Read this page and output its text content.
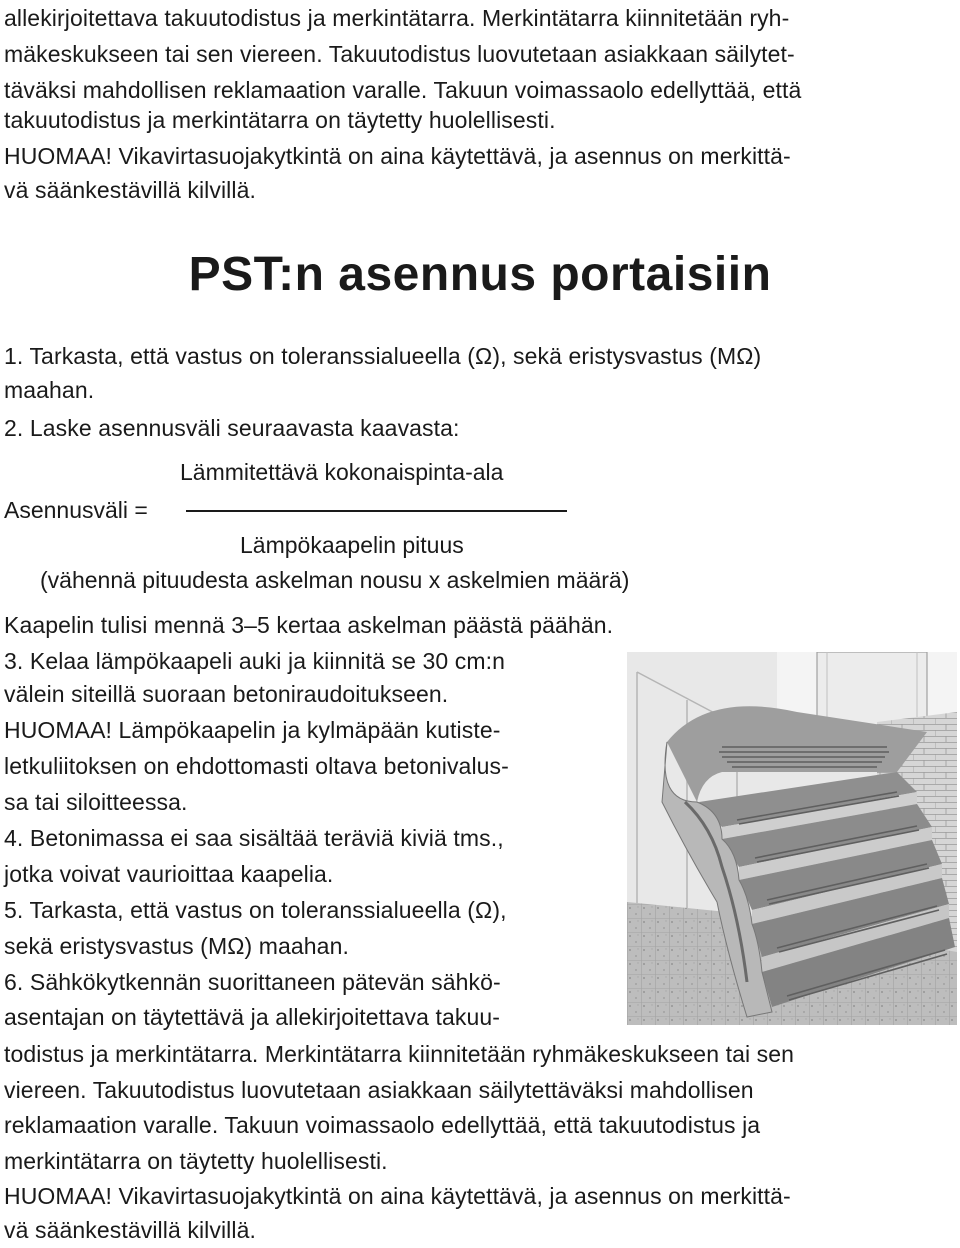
allekirjoitettava takuutodistus ja merkintätarra. Merkintätarra kiinnitetään ryh-
mäkeskukseen tai sen viereen. Takuutodistus luovutetaan asiakkaan säilytet-
täväksi mahdollisen reklamaation varalle. Takuun voimassaolo edellyttää, että
takuutodistus ja merkintätarra on täytetty huolellisesti.
HUOMAA! Vikavirtasuojakytkintä on aina käytettävä, ja asennus on merkittä-
vä säänkestävillä kilvillä.
PST:n asennus portaisiin
1. Tarkasta, että vastus on toleranssialueella (Ω), sekä eristysvastus (MΩ)
maahan.
2. Laske asennusväli seuraavasta kaavasta:
Lämmitettävä kokonaispinta-ala
Asennusväli =
Lämpökaapelin pituus
(vähennä pituudesta askelman nousu x askelmien määrä)
Kaapelin tulisi mennä 3–5 kertaa askelman päästä päähän.
3. Kelaa lämpökaapeli auki ja kiinnitä se 30 cm:n
välein siteillä suoraan betoniraudoitukseen.
HUOMAA! Lämpökaapelin ja kylmäpään kutiste-
letkuliitoksen on ehdottomasti oltava betonivalus-
sa tai siloitteessa.
4. Betonimassa ei saa sisältää teräviä kiviä tms.,
jotka voivat vaurioittaa kaapelia.
5. Tarkasta, että vastus on toleranssialueella (Ω),
sekä eristysvastus (MΩ) maahan.
6. Sähkökytkennän suorittaneen pätevän sähkö-
asentajan on täytettävä ja allekirjoitettava takuu-
todistus ja merkintätarra. Merkintätarra kiinnitetään ryhmäkeskukseen tai sen
viereen. Takuutodistus luovutetaan asiakkaan säilytettäväksi mahdollisen
reklamaation varalle. Takuun voimassaolo edellyttää, että takuutodistus ja
merkintätarra on täytetty huolellisesti.
HUOMAA! Vikavirtasuojakytkintä on aina käytettävä, ja asennus on merkittä-
vä säänkestävillä kilvillä.
